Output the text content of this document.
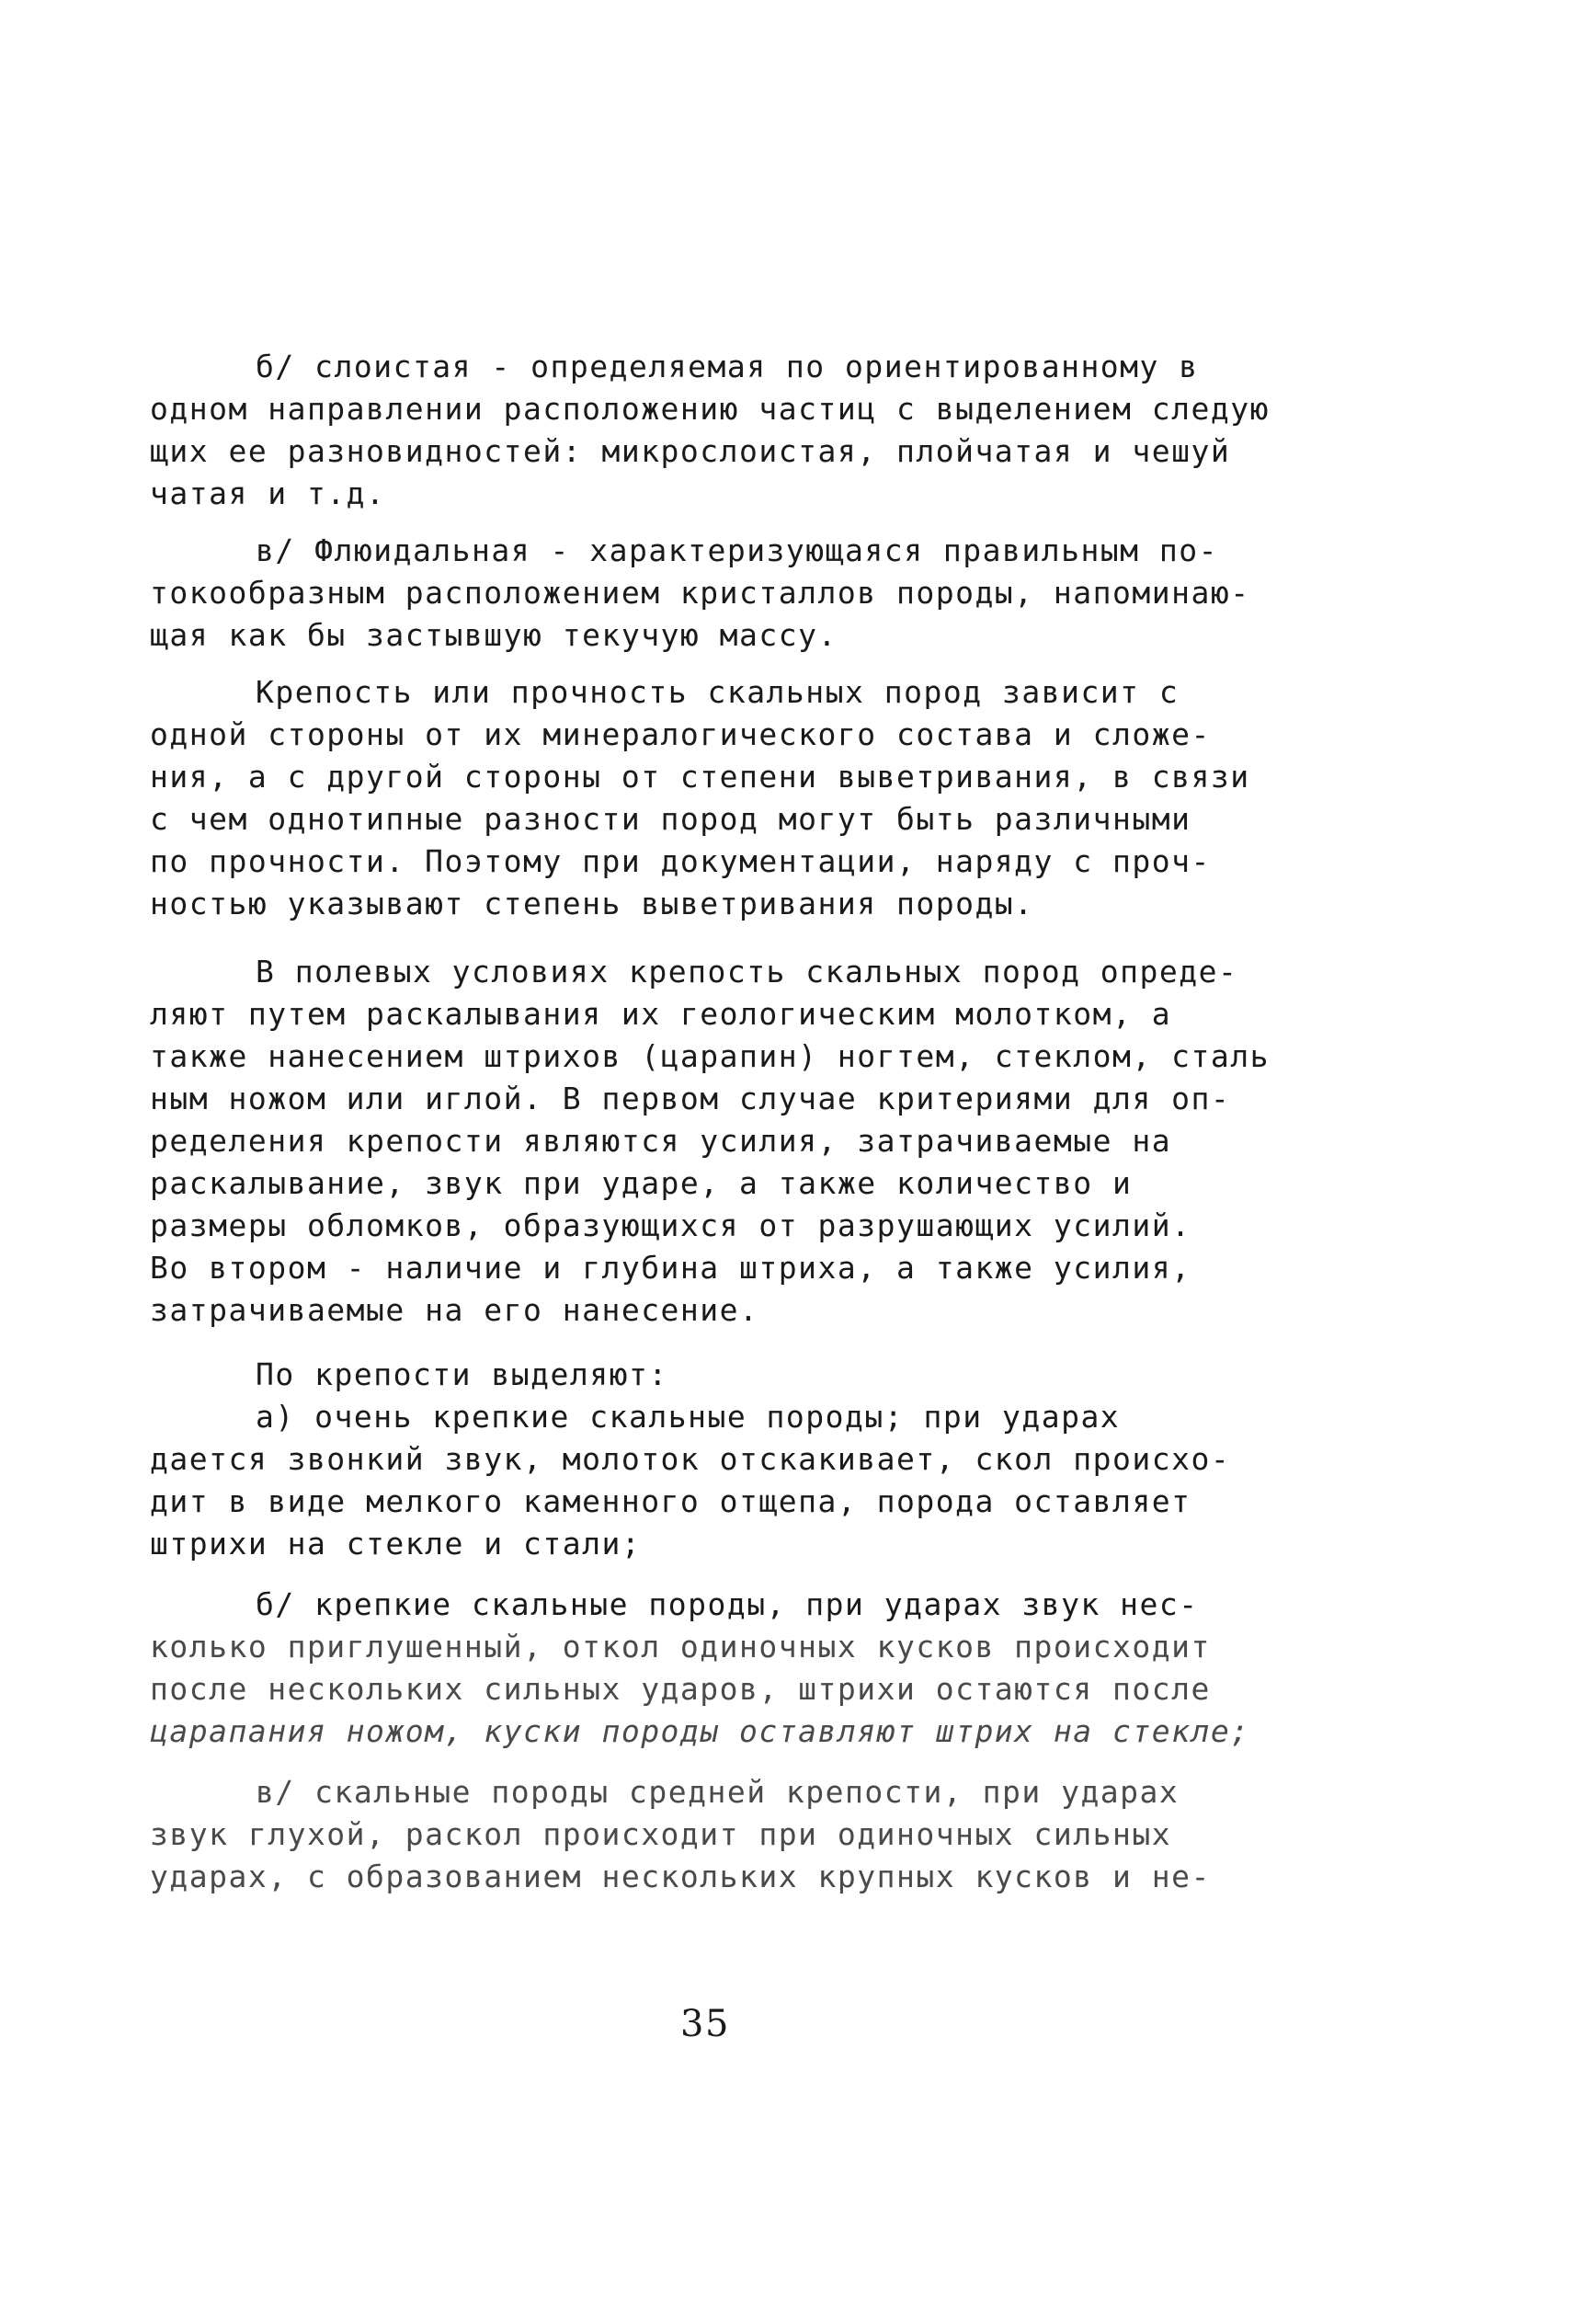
б/ слоистая - определяемая по ориентированному в
одном направлении расположению частиц с выделением следую
щих ее разновидностей: микрослоистая, плойчатая и чешуй
чатая и т.д.
в/ Флюидальная - характеризующаяся правильным по-
токообразным расположением кристаллов породы, напоминаю-
щая как бы застывшую текучую массу.
Крепость или прочность скальных пород зависит с
одной стороны от их минералогического состава и сложе-
ния, а с другой стороны от степени выветривания, в связи
с чем однотипные разности пород могут быть различными
по прочности. Поэтому при документации, наряду с проч-
ностью указывают степень выветривания породы.
В полевых условиях крепость скальных пород опреде-
ляют путем раскалывания их геологическим молотком, а
также нанесением штрихов (царапин) ногтем, стеклом, сталь
ным ножом или иглой. В первом случае критериями для оп-
ределения крепости являются усилия, затрачиваемые на
раскалывание, звук при ударе, а также количество и
размеры обломков, образующихся от разрушающих усилий.
Во втором - наличие и глубина штриха, а также усилия,
затрачиваемые на его нанесение.
По крепости выделяют:
а) очень крепкие скальные породы; при ударах
дается звонкий звук, молоток отскакивает, скол происхо-
дит в виде мелкого каменного отщепа, порода оставляет
штрихи на стекле и стали;
б/ крепкие скальные породы, при ударах звук нес-
колько приглушенный, откол одиночных кусков происходит
после нескольких сильных ударов, штрихи остаются после
царапания ножом, куски породы оставляют штрих на стекле;
в/ скальные породы средней крепости, при ударах
звук глухой, раскол происходит при одиночных сильных
ударах, с образованием нескольких крупных кусков и не-
35
